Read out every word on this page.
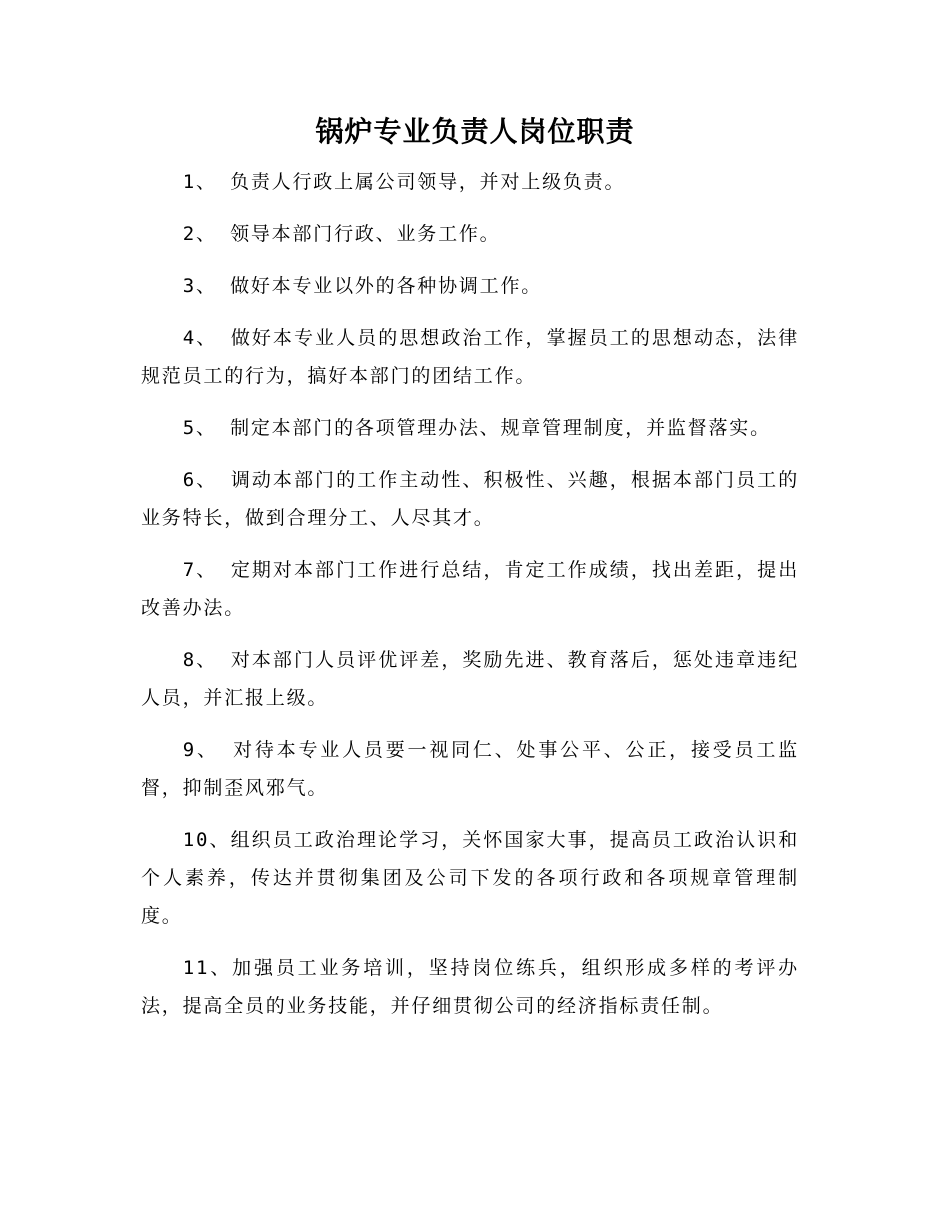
锅炉专业负责人岗位职责

1、 负责人行政上属公司领导，并对上级负责。

2、 领导本部门行政、业务工作。

3、 做好本专业以外的各种协调工作。

4、 做好本专业人员的思想政治工作，掌握员工的思想动态，法律规范员工的行为，搞好本部门的团结工作。

5、 制定本部门的各项管理办法、规章管理制度，并监督落实。

6、 调动本部门的工作主动性、积极性、兴趣，根据本部门员工的业务特长，做到合理分工、人尽其才。

7、 定期对本部门工作进行总结，肯定工作成绩，找出差距，提出改善办法。

8、 对本部门人员评优评差，奖励先进、教育落后，惩处违章违纪人员，并汇报上级。

9、 对待本专业人员要一视同仁、处事公平、公正，接受员工监督，抑制歪风邪气。

10、组织员工政治理论学习，关怀国家大事，提高员工政治认识和个人素养，传达并贯彻集团及公司下发的各项行政和各项规章管理制度。

11、加强员工业务培训，坚持岗位练兵，组织形成多样的考评办法，提高全员的业务技能，并仔细贯彻公司的经济指标责任制。
